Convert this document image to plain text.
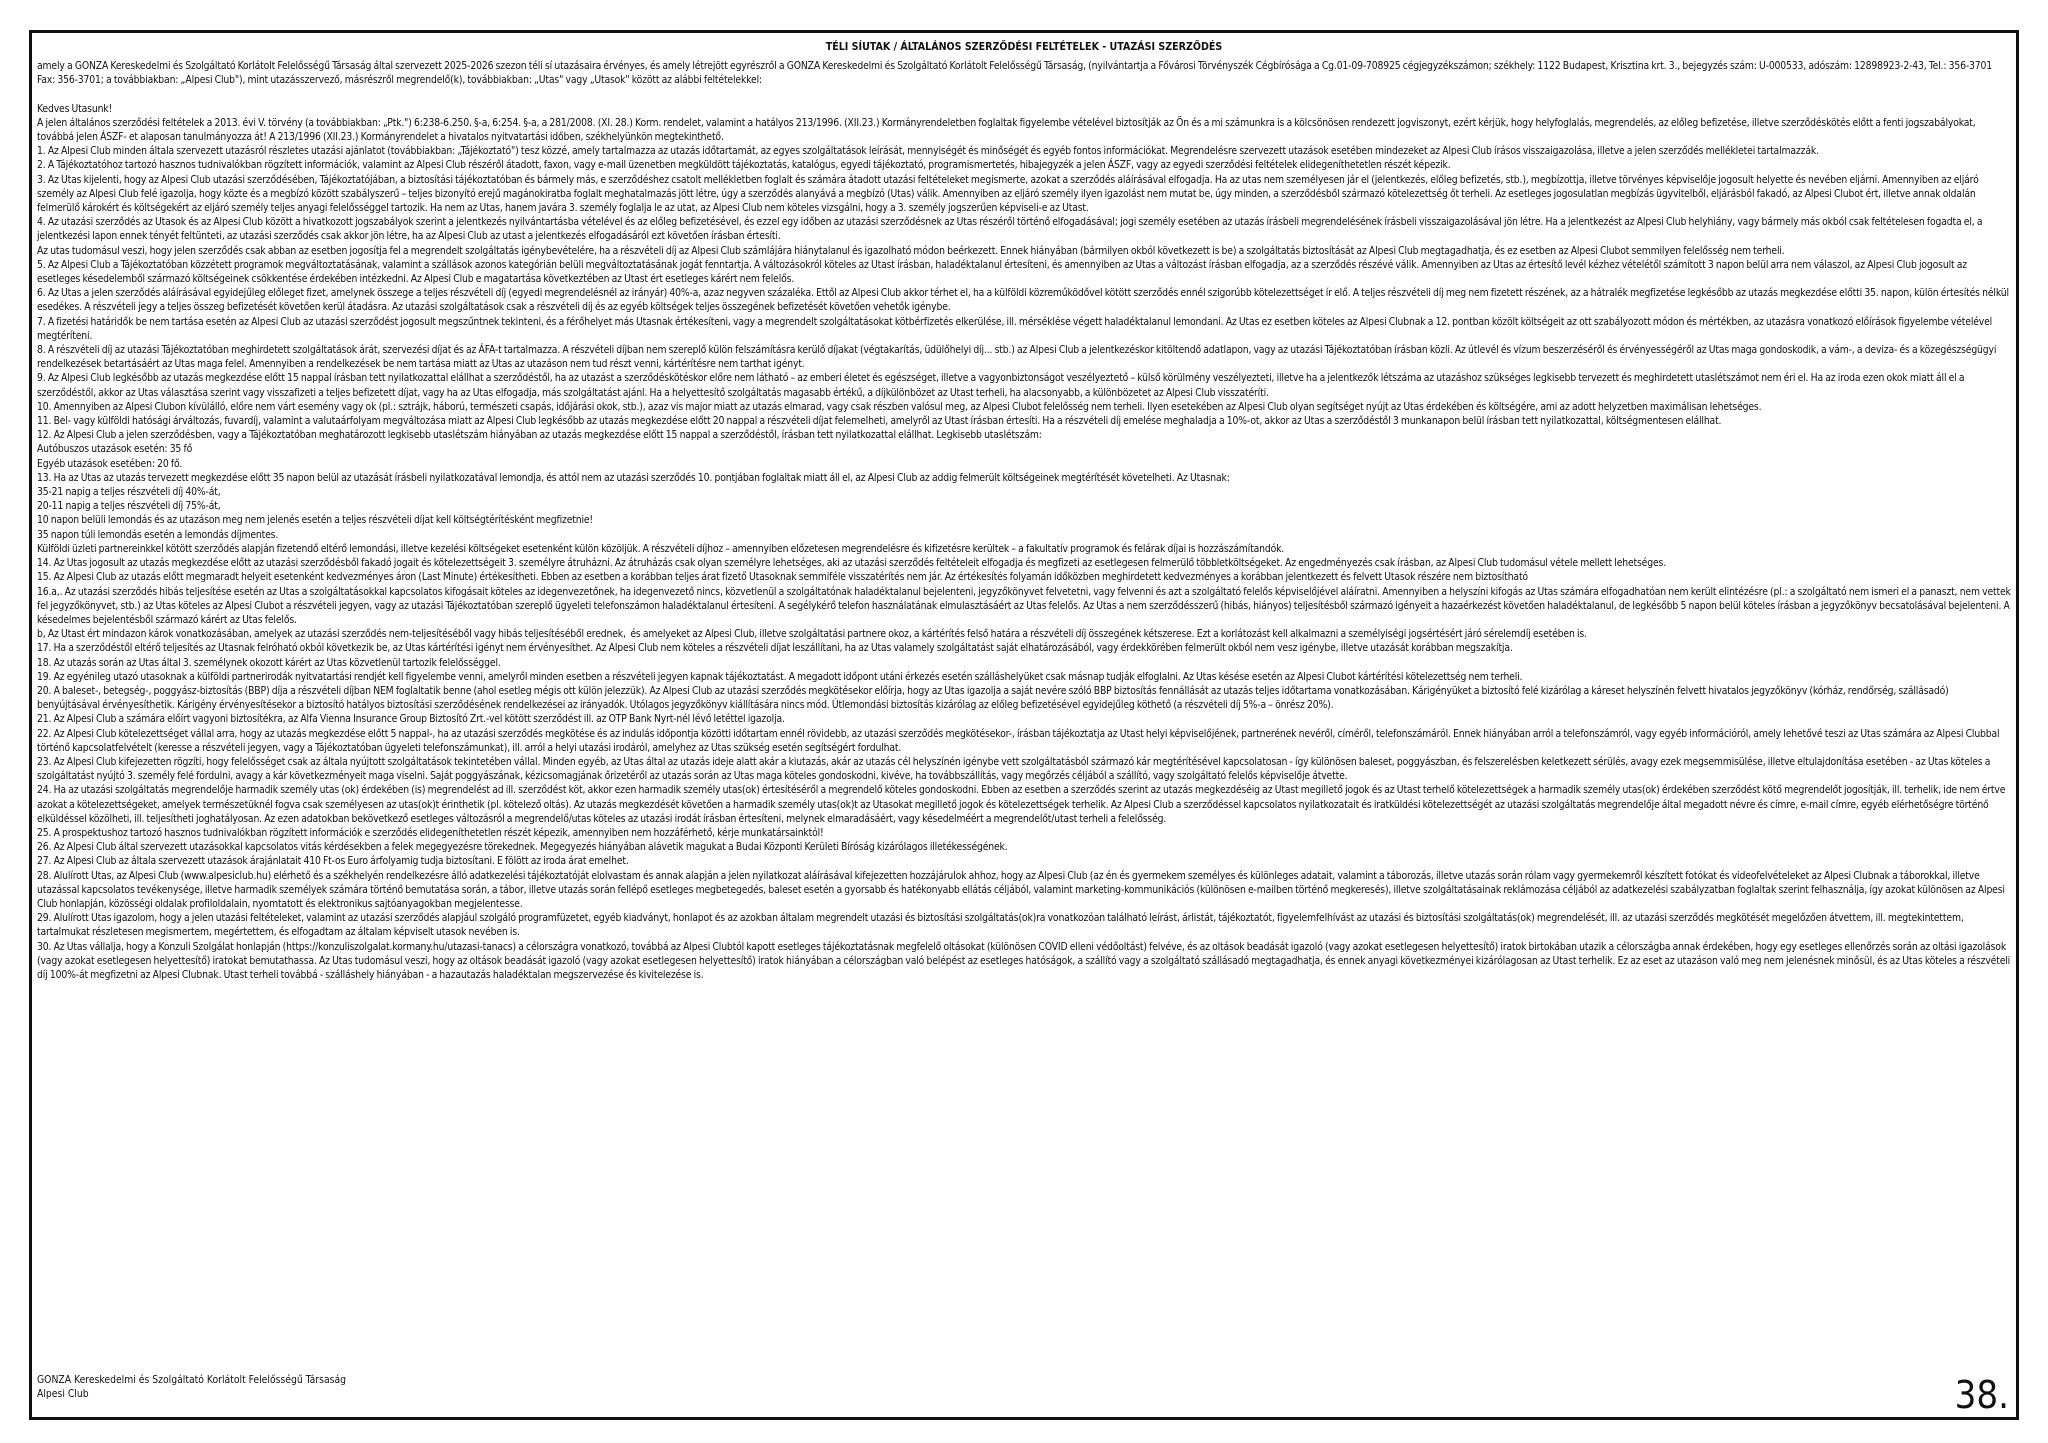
TÉLI SÍUTAK / ÁLTALÁNOS SZERZŐDÉSI FELTÉTELEK - UTAZÁSI SZERZŐDÉS
amely a GONZA Kereskedelmi és Szolgáltató Korlátolt Felelősségű Társaság által szervezett 2025-2026 szezon téli sí utazásaira érvényes, és amely létrejött egyrészről a GONZA Kereskedelmi és Szolgáltató Korlátolt Felelősségű Társaság, (nyilvántartja a Fővárosi Törvényszék Cégbírósága a Cg.01-09-708925 cégjegyzékszámon; székhely: 1122 Budapest, Krisztina krt. 3., bejegyzés szám: U-000533, adószám: 12898923-2-43, Tel.: 356-3701 Fax: 356-3701; a továbbiakban: „Alpesi Club"), mint utazásszervező, másrészről megrendelő(k), továbbiakban: „Utas" vagy „Utasok" között az alábbi feltételekkel:
Kedves Utasunk!
A jelen általános szerződési feltételek a 2013. évi V. törvény (a továbbiakban: „Ptk.") 6:238-6.250. §-a, 6:254. §-a, a 281/2008. (XI. 28.) Korm. rendelet, valamint a hatályos 213/1996. (XII.23.) Kormányrendeletben foglaltak figyelembe vételével biztosítják az Ön és a mi számunkra is a kölcsönösen rendezett jogviszonyt, ezért kérjük, hogy helyfoglalás, megrendelés, az előleg befizetése, illetve szerződéskötés előtt a fenti jogszabályokat, továbbá jelen ÁSZF- et alaposan tanulmányozza át! A 213/1996 (XII.23.) Kormányrendelet a hivatalos nyitvatartási időben, székhelyünkön megtekinthető.
1. Az Alpesi Club minden általa szervezett utazásról részletes utazási ajánlatot (továbbiakban: „Tájékoztató") tesz közzé, amely tartalmazza az utazás időtartamát, az egyes szolgáltatások leírását, mennyiségét és minőségét és egyéb fontos információkat. Megrendelésre szervezett utazások esetében mindezeket az Alpesi Club írásos visszaigazolása, illetve a jelen szerződés mellékletei tartalmazzák.
2. A Tájékoztatóhoz tartozó hasznos tudnivalókban rögzített információk, valamint az Alpesi Club részéről átadott, faxon, vagy e-mail üzenetben megküldött tájékoztatás, katalógus, egyedi tájékoztató, programismertetés, hibajegyzék a jelen ÁSZF, vagy az egyedi szerződési feltételek elidegeníthetetlen részét képezik.
3. Az Utas kijelenti, hogy az Alpesi Club utazási szerződésében, Tájékoztatójában, a biztosítási tájékoztatóban és bármely más, e szerződéshez csatolt mellékletben foglalt és számára átadott utazási feltételeket megismerte, azokat a szerződés aláírásával elfogadja. Ha az utas nem személyesen jár el (jelentkezés, előleg befizetés, stb.), megbízottja, illetve törvényes képviselője jogosult helyette és nevében eljárni. Amennyiben az eljáró személy az Alpesi Club felé igazolja, hogy közte és a megbízó között szabályszerű – teljes bizonyító erejű magánokiratba foglalt meghatalmazás jött létre, úgy a szerződés alanyává a megbízó (Utas) válik. Amennyiben az eljáró személy ilyen igazolást nem mutat be, úgy minden, a szerződésből származó kötelezettség őt terheli. Az esetleges jogosulatlan megbízás ügyvitelből, eljárásból fakadó, az Alpesi Clubot ért, illetve annak oldalán felmerülő károkért és költségekért az eljáró személy teljes anyagi felelősséggel tartozik. Ha nem az Utas, hanem javára 3. személy foglalja le az utat, az Alpesi Club nem köteles vizsgálni, hogy a 3. személy jogszerűen képviseli-e az Utast.
4. Az utazási szerződés az Utasok és az Alpesi Club között a hivatkozott jogszabályok szerint a jelentkezés nyilvántartásba vételével és az előleg befizetésével, és ezzel egy időben az utazási szerződésnek az Utas részéről történő elfogadásával; jogi személy esetében az utazás írásbeli megrendelésének írásbeli visszaigazolásával jön létre. Ha a jelentkezést az Alpesi Club helyhiány, vagy bármely más okból csak feltételesen fogadta el, a jelentkezési lapon ennek tényét feltünteti, az utazási szerződés csak akkor jön létre, ha az Alpesi Club az utast a jelentkezés elfogadásáról ezt követően írásban értesíti.
Az utas tudomásul veszi, hogy jelen szerződés csak abban az esetben jogosítja fel a megrendelt szolgáltatás igénybevételére, ha a részvételi díj az Alpesi Club számlájára hiánytalanul és igazolható módon beérkezett. Ennek hiányában (bármilyen okból következett is be) a szolgáltatás biztosítását az Alpesi Club megtagadhatja, és ez esetben az Alpesi Clubot semmilyen felelősség nem terheli.
5. Az Alpesi Club a Tájékoztatóban közzétett programok megváltoztatásának, valamint a szállások azonos kategórián belüli megváltoztatásának jogát fenntartja. A változásokról köteles az Utast írásban, haladéktalanul értesíteni, és amennyiben az Utas a változást írásban elfogadja, az a szerződés részévé válik. Amennyiben az Utas az értesítő levél kézhez vételétől számított 3 napon belül arra nem válaszol, az Alpesi Club jogosult az esetleges késedelemből származó költségeinek csökkentése érdekében intézkedni. Az Alpesi Club e magatartása következtében az Utast ért esetleges kárért nem felelős.
6. Az Utas a jelen szerződés aláírásával egyidejűleg előleget fizet, amelynek összege a teljes részvételi díj (egyedi megrendelésnél az irányár) 40%-a, azaz negyven százaléka. Ettől az Alpesi Club akkor térhet el, ha a külföldi közreműködővel kötött szerződés ennél szigorúbb kötelezettséget ír elő. A teljes részvételi díj meg nem fizetett részének, az a hátralék megfizetése legkésőbb az utazás megkezdése előtti 35. napon, külön értesítés nélkül esedékes. A részvételi jegy a teljes összeg befizetését követően kerül átadásra. Az utazási szolgáltatások csak a részvételi díj és az egyéb költségek teljes összegének befizetését követően vehetők igénybe.
7. A fizetési határidők be nem tartása esetén az Alpesi Club az utazási szerződést jogosult megszűntnek tekinteni, és a férőhelyet más Utasnak értékesíteni, vagy a megrendelt szolgáltatásokat kötbérfizetés elkerülése, ill. mérséklése végett haladéktalanul lemondani. Az Utas ez esetben köteles az Alpesi Clubnak a 12. pontban közölt költségeit az ott szabályozott módon és mértékben, az utazásra vonatkozó előírások figyelembe vételével megtéríteni.
8. A részvételi díj az utazási Tájékoztatóban meghirdetett szolgáltatások árát, szervezési díjat és az ÁFA-t tartalmazza. A részvételi díjban nem szereplő külön felszámításra kerülő díjakat (végtakarítás, üdülőhelyi díj... stb.) az Alpesi Club a jelentkezéskor kitöltendő adatlapon, vagy az utazási Tájékoztatóban írásban közli. Az útlevél és vízum beszerzéséről és érvényességéről az Utas maga gondoskodik, a vám-, a deviza- és a közegészségügyi rendelkezések betartásáért az Utas maga felel. Amennyiben a rendelkezések be nem tartása miatt az Utas az utazáson nem tud részt venni, kártérítésre nem tarthat igényt.
9. Az Alpesi Club legkésőbb az utazás megkezdése előtt 15 nappal írásban tett nyilatkozattal elállhat a szerződéstől, ha az utazást a szerződéskötéskor előre nem látható – az emberi életet és egészséget, illetve a vagyonbiztonságot veszélyeztető – külső körülmény veszélyezteti, illetve ha a jelentkezők létszáma az utazáshoz szükséges legkisebb tervezett és meghirdetett utaslétszámot nem éri el. Ha az iroda ezen okok miatt áll el a szerződéstől, akkor az Utas választása szerint vagy visszafizeti a teljes befizetett díjat, vagy ha az Utas elfogadja, más szolgáltatást ajánl. Ha a helyettesítő szolgáltatás magasabb értékű, a díjkülönbözet az Utast terheli, ha alacsonyabb, a különbözetet az Alpesi Club visszatéríti.
10. Amennyiben az Alpesi Clubon kívülálló, előre nem várt esemény vagy ok (pl.: sztrájk, háború, természeti csapás, időjárási okok, stb.), azaz vis major miatt az utazás elmarad, vagy csak részben valósul meg, az Alpesi Clubot felelősség nem terheli. Ilyen esetekében az Alpesi Club olyan segítséget nyújt az Utas érdekében és költségére, ami az adott helyzetben maximálisan lehetséges.
11. Bel- vagy külföldi hatósági árváltozás, fuvardíj, valamint a valutaárfolyam megváltozása miatt az Alpesi Club legkésőbb az utazás megkezdése előtt 20 nappal a részvételi díjat felemelheti, amelyről az Utast írásban értesíti. Ha a részvételi díj emelése meghaladja a 10%-ot, akkor az Utas a szerződéstől 3 munkanapon belül írásban tett nyilatkozattal, költségmentesen elállhat.
12. Az Alpesi Club a jelen szerződésben, vagy a Tájékoztatóban meghatározott legkisebb utaslétszám hiányában az utazás megkezdése előtt 15 nappal a szerződéstől, írásban tett nyilatkozattal elállhat. Legkisebb utaslétszám:
Autóbuszos utazások esetén: 35 fő
Egyéb utazások esetében: 20 fő.
13. Ha az Utas az utazás tervezett megkezdése előtt 35 napon belül az utazását írásbeli nyilatkozatával lemondja, és attól nem az utazási szerződés 10. pontjában foglaltak miatt áll el, az Alpesi Club az addig felmerült költségeinek megtérítését követelheti. Az Utasnak:
35-21 napig a teljes részvételi díj 40%-át,
20-11 napig a teljes részvételi díj 75%-át,
10 napon belüli lemondás és az utazáson meg nem jelenés esetén a teljes részvételi díjat kell költségtérítésként megfizetnie!
35 napon túli lemondás esetén a lemondás díjmentes.
Külföldi üzleti partnereinkkel kötött szerződés alapján fizetendő eltérő lemondási, illetve kezelési költségeket esetenként külön közöljük. A részvételi díjhoz – amennyiben előzetesen megrendelésre és kifizetésre kerültek – a fakultatív programok és felárak díjai is hozzászámítandók.
14. Az Utas jogosult az utazás megkezdése előtt az utazási szerződésből fakadó jogait és kötelezettségeit 3. személyre átruházni. Az átruházás csak olyan személyre lehetséges, aki az utazási szerződés feltételeit elfogadja és megfizeti az esetlegesen felmerülő többletköltségeket. Az engedményezés csak írásban, az Alpesi Club tudomásul vétele mellett lehetséges.
15. Az Alpesi Club az utazás előtt megmaradt helyeit esetenként kedvezményes áron (Last Minute) értékesítheti. Ebben az esetben a korábban teljes árat fizető Utasoknak semmiféle visszatérítés nem jár. Az értékesítés folyamán időközben meghirdetett kedvezményes a korábban jelentkezett és felvett Utasok részére nem biztosítható
16.a,. Az utazási szerződés hibás teljesítése esetén az Utas a szolgáltatásokkal kapcsolatos kifogásait köteles az idegenvezetőnek, ha idegenvezető nincs, közvetlenül a szolgáltatónak haladéktalanul bejelenteni, jegyzőkönyvet felvetetni, vagy felvenni és azt a szolgáltató felelős képviselőjével aláíratni. Amennyiben a helyszíni kifogás az Utas számára elfogadhatóan nem került elintézésre (pl.: a szolgáltató nem ismeri el a panaszt, nem vettek fel jegyzőkönyvet, stb.) az Utas köteles az Alpesi Clubot a részvételi jegyen, vagy az utazási Tájékoztatóban szereplő ügyeleti telefonszámon haladéktalanul értesíteni. A segélykérő telefon használatának elmulasztásáért az Utas felelős. Az Utas a nem szerződésszerű (hibás, hiányos) teljesítésből származó igényeit a hazaérkezést követően haladéktalanul, de legkésőbb 5 napon belül köteles írásban a jegyzőkönyv becsatolásával bejelenteni. A késedelmes bejelentésből származó kárért az Utas felelős.
b, Az Utast ért mindazon károk vonatkozásában, amelyek az utazási szerződés nem-teljesítéséből vagy hibás teljesítéséből erednek,  és amelyeket az Alpesi Club, illetve szolgáltatási partnere okoz, a kártérítés felső határa a részvételi díj összegének kétszerese. Ezt a korlátozást kell alkalmazni a személyiségi jogsértésért járó sérelemdíj esetében is.
17. Ha a szerződéstől eltérő teljesítés az Utasnak felróható okból következik be, az Utas kártérítési igényt nem érvényesíthet. Az Alpesi Club nem köteles a részvételi díjat leszállítani, ha az Utas valamely szolgáltatást saját elhatározásából, vagy érdekkörében felmerült okból nem vesz igénybe, illetve utazását korábban megszakítja.
18. Az utazás során az Utas által 3. személynek okozott kárért az Utas közvetlenül tartozik felelősséggel.
19. Az egyénileg utazó utasoknak a külföldi partnerirodák nyitvatartási rendjét kell figyelembe venni, amelyről minden esetben a részvételi jegyen kapnak tájékoztatást. A megadott időpont utáni érkezés esetén szálláshelyüket csak másnap tudják elfoglalni. Az Utas késése esetén az Alpesi Clubot kártérítési kötelezettség nem terheli.
20. A baleset-, betegség-, poggyász-biztosítás (BBP) díja a részvételi díjban NEM foglaltatik benne (ahol esetleg mégis ott külön jelezzük). Az Alpesi Club az utazási szerződés megkötésekor előírja, hogy az Utas igazolja a saját nevére szóló BBP biztosítás fennállását az utazás teljes időtartama vonatkozásában. Kárigényüket a biztosító felé kizárólag a káreset helyszínén felvett hivatalos jegyzőkönyv (kórház, rendőrség, szállásadó) benyújtásával érvényesíthetik. Kárigény érvényesítésekor a biztosító hatályos biztosítási szerződésének rendelkezései az irányadók. Utólagos jegyzőkönyv kiállítására nincs mód. Útlemondási biztosítás kizárólag az előleg befizetésével egyidejűleg köthető (a részvételi díj 5%-a – önrész 20%).
21. Az Alpesi Club a számára előírt vagyoni biztosítékra, az Alfa Vienna Insurance Group Biztosító Zrt.-vel kötött szerződést ill. az OTP Bank Nyrt-nél lévő letéttel igazolja.
22. Az Alpesi Club kötelezettséget vállal arra, hogy az utazás megkezdése előtt 5 nappal-, ha az utazási szerződés megkötése és az indulás időpontja közötti időtartam ennél rövidebb, az utazási szerződés megkötésekor-, írásban tájékoztatja az Utast helyi képviselőjének, partnerének nevéről, címéről, telefonszámáról. Ennek hiányában arról a telefonszámról, vagy egyéb információról, amely lehetővé teszi az Utas számára az Alpesi Clubbal történő kapcsolatfelvételt (keresse a részvételi jegyen, vagy a Tájékoztatóban ügyeleti telefonszámunkat), ill. arról a helyi utazási irodáról, amelyhez az Utas szükség esetén segítségért fordulhat.
23. Az Alpesi Club kifejezetten rögzíti, hogy felelősséget csak az általa nyújtott szolgáltatások tekintetében vállal. Minden egyéb, az Utas által az utazás ideje alatt akár a kiutazás, akár az utazás cél helyszínén igénybe vett szolgáltatásból származó kár megtérítésével kapcsolatosan - így különösen baleset, poggyászban, és felszerelésben keletkezett sérülés, avagy ezek megsemmisülése, illetve eltulajdonítása esetében - az Utas köteles a szolgáltatást nyújtó 3. személy felé fordulni, avagy a kár következményeit maga viselni. Saját poggyászának, kézicsomagjának őrizetéről az utazás során az Utas maga köteles gondoskodni, kivéve, ha továbbszállítás, vagy megőrzés céljából a szállító, vagy szolgáltató felelős képviselője átvette.
24. Ha az utazási szolgáltatás megrendelője harmadik személy utas (ok) érdekében (is) megrendelést ad ill. szerződést köt, akkor ezen harmadik személy utas(ok) értesítéséről a megrendelő köteles gondoskodni. Ebben az esetben a szerződés szerint az utazás megkezdéséig az Utast megillető jogok és az Utast terhelő kötelezettségek a harmadik személy utas(ok) érdekében szerződést kötő megrendelőt jogosítják, ill. terhelik, ide nem értve azokat a kötelezettségeket, amelyek természetüknél fogva csak személyesen az utas(ok)t érinthetik (pl. kötelező oltás). Az utazás megkezdését követően a harmadik személy utas(ok)t az Utasokat megillető jogok és kötelezettségek terhelik. Az Alpesi Club a szerződéssel kapcsolatos nyilatkozatait és iratküldési kötelezettségét az utazási szolgáltatás megrendelője által megadott névre és címre, e-mail címre, egyéb elérhetőségre történő elküldéssel közölheti, ill. teljesítheti joghatályosan. Az ezen adatokban bekövetkező esetleges változásról a megrendelő/utas köteles az utazási irodát írásban értesíteni, melynek elmaradásáért, vagy késedelméért a megrendelőt/utast terheli a felelősség.
25. A prospektushoz tartozó hasznos tudnivalókban rögzített információk e szerződés elidegeníthetetlen részét képezik, amennyiben nem hozzáférhető, kérje munkatársainktól!
26. Az Alpesi Club által szervezett utazásokkal kapcsolatos vitás kérdésekben a felek megegyezésre törekednek. Megegyezés hiányában alávetik magukat a Budai Központi Kerületi Bíróság kizárólagos illetékességének.
27. Az Alpesi Club az általa szervezett utazások árajánlatait 410 Ft-os Euro árfolyamig tudja biztosítani. E fölött az iroda árat emelhet.
28. Alulírott Utas, az Alpesi Club (www.alpesiclub.hu) elérhető és a székhelyén rendelkezésre álló adatkezelési tájékoztatóját elolvastam és annak alapján a jelen nyilatkozat aláírásával kifejezetten hozzájárulok ahhoz, hogy az Alpesi Club (az én és gyermekem személyes és különleges adatait, valamint a táborozás, illetve utazás során rólam vagy gyermekemről készített fotókat és videofelvételeket az Alpesi Clubnak a táborokkal, illetve utazással kapcsolatos tevékenysége, illetve harmadik személyek számára történő bemutatása során, a tábor, illetve utazás során fellépő esetleges megbetegedés, baleset esetén a gyorsabb és hatékonyabb ellátás céljából, valamint marketing-kommunikációs (különösen e-mailben történő megkeresés), illetve szolgáltatásainak reklámozása céljából az adatkezelési szabályzatban foglaltak szerint felhasználja, így azokat különösen az Alpesi Club honlapján, közösségi oldalak profiloldalain, nyomtatott és elektronikus sajtóanyagokban megjelentesse.
29. Alulírott Utas igazolom, hogy a jelen utazási feltételeket, valamint az utazási szerződés alapjául szolgáló programfüzetet, egyéb kiadványt, honlapot és az azokban általam megrendelt utazási és biztosítási szolgáltatás(ok)ra vonatkozóan található leírást, árlistát, tájékoztatót, figyelemfelhívást az utazási és biztosítási szolgáltatás(ok) megrendelését, ill. az utazási szerződés megkötését megelőzően átvettem, ill. megtekintettem, tartalmukat részletesen megismertem, megértettem, és elfogadtam az általam képviselt utasok nevében is.
30. Az Utas vállalja, hogy a Konzuli Szolgálat honlapján (https://konzuliszolgalat.kormany.hu/utazasi-tanacs) a célországra vonatkozó, továbbá az Alpesi Clubtól kapott esetleges tájékoztatásnak megfelelő oltásokat (különösen COVID elleni védőoltást) felvéve, és az oltások beadását igazoló (vagy azokat esetlegesen helyettesítő) iratok birtokában utazik a célországba annak érdekében, hogy egy esetleges ellenőrzés során az oltási igazolások (vagy azokat esetlegesen helyettesítő) iratokat bemutathassa. Az Utas tudomásul veszi, hogy az oltások beadását igazoló (vagy azokat esetlegesen helyettesítő) iratok hiányában a célországban való belépést az esetleges hatóságok, a szállító vagy a szolgáltató szállásadó megtagadhatja, és ennek anyagi következményei kizárólagosan az Utast terhelik. Ez az eset az utazáson való meg nem jelenésnek minősül, és az Utas köteles a részvételi díj 100%-át megfizetni az Alpesi Clubnak. Utast terheli továbbá - szálláshely hiányában - a hazautazás haladéktalan megszervezése és kivitelezése is.
GONZA Kereskedelmi és Szolgáltató Korlátolt Felelősségű Társaság
Alpesi Club	38.
